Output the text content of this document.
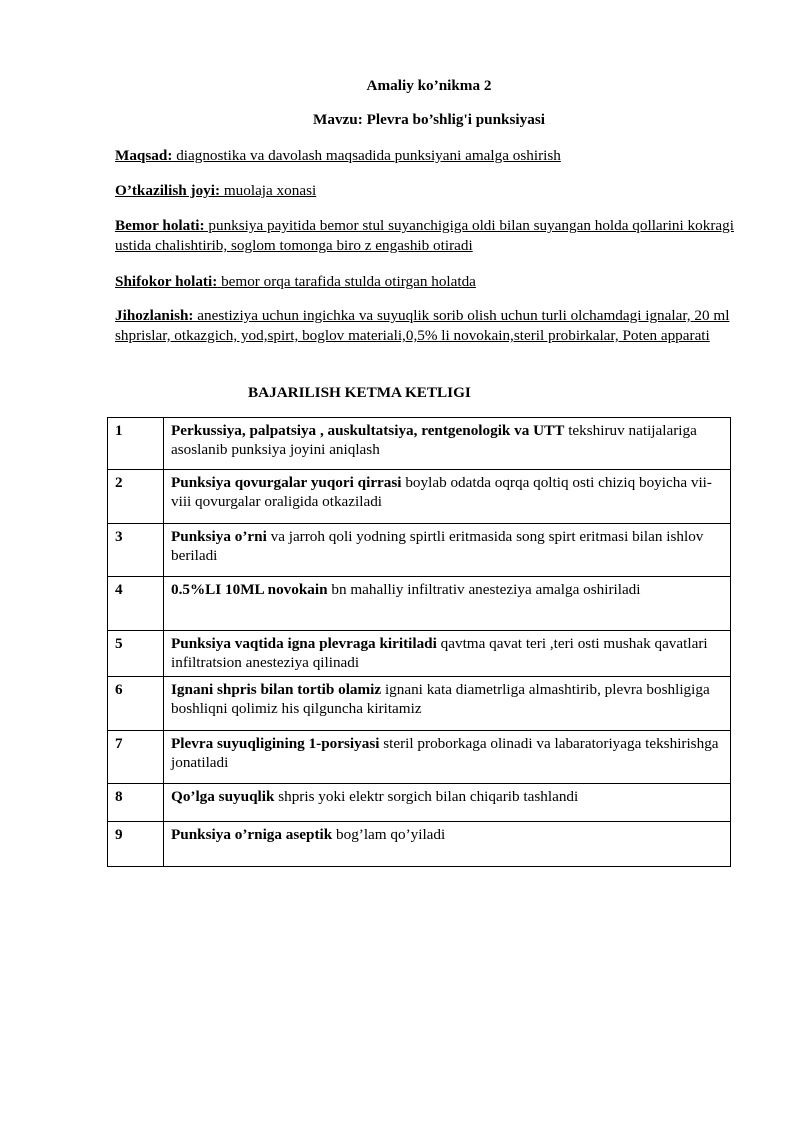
Amaliy ko’nikma 2
Mavzu: Plevra bo’shlig'i punksiyasi
Maqsad: diagnostika va davolash maqsadida punksiyani amalga oshirish
O’tkazilish joyi: muolaja xonasi
Bemor holati: punksiya payitida bemor stul suyanchigiga oldi bilan suyangan holda qollarini kokragi ustida chalishtirib, soglom tomonga biro z engashib otiradi
Shifokor holati: bemor orqa tarafida stulda otirgan holatda
Jihozlanish: anestiziya uchun ingichka va suyuqlik sorib olish uchun turli olchamdagi ignalar, 20 ml shprislar, otkazgich, yod,spirt, boglov materiali,0,5% li novokain,steril probirkalar, Poten apparati
BAJARILISH KETMA KETLIGI
1	Perkussiya, palpatsiya , auskultatsiya, rentgenologik va UTT tekshiruv natijalariga asoslanib punksiya joyini aniqlash
2	Punksiya qovurgalar yuqori qirrasi boylab odatda oqrqa qoltiq osti chiziq boyicha vii-viii qovurgalar oraligida otkaziladi
3	Punksiya o’rni va jarroh qoli yodning spirtli eritmasida song spirt eritmasi bilan ishlov beriladi
4	0.5%LI 10ML novokain bn mahalliy infiltrativ anesteziya amalga oshiriladi
5	Punksiya vaqtida igna plevraga kiritiladi qavtma qavat teri ,teri osti mushak qavatlari infiltratsion anesteziya qilinadi
6	Ignani shpris bilan tortib olamiz ignani kata diametrliga almashtirib, plevra boshligiga boshliqni qolimiz his qilguncha kiritamiz
7	Plevra suyuqligining 1-porsiyasi steril proborkaga olinadi va labaratoriyaga tekshirishga jonatiladi
8	Qo’lga suyuqlik shpris yoki elektr sorgich bilan chiqarib tashlandi
9	Punksiya o’rniga aseptik bog’lam qo’yiladi
